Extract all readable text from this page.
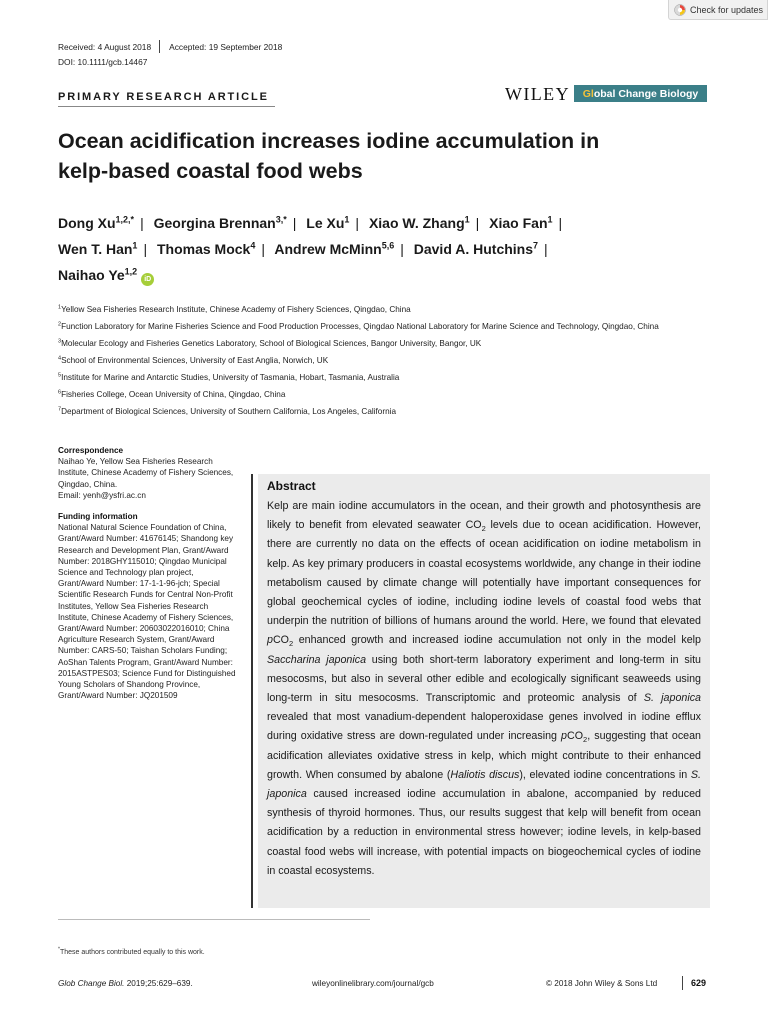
Check for updates
Received: 4 August 2018 Accepted: 19 September 2018
DOI: 10.1111/gcb.14467
PRIMARY RESEARCH ARTICLE	WILEY Gl obal Change Biology
Ocean acidification increases iodine accumulation in
kelp-based coastal food webs
Dong $Xu^{1,2,*}$ | Georgina Brennan$^{3,*}$ | Le Xu$^1$ | Xiao W. Zhang$^1$ | Xiao Fan$^1$ |
Wen T. Han$^1$ | Thomas Mock$^4$ | Andrew McMinn$^{5,6}$ | David A. Hutchins$^7$ |
Naihao Ye$^{1,2}$iD
$^1$Yellow Sea Fisheries Research Institute, Chinese Academy of Fishery Sciences, Qingdao, China
$^2$Function Laboratory for Marine Fisheries Science and Food Production Processes, Qingdao National Laboratory for Marine Science and Technology, Qingdao, China
$^3$Molecular Ecology and Fisheries Genetics Laboratory, School of Biological Sciences, Bangor University, Bangor, UK
$^4$School of Environmental Sciences, University of East Anglia, Norwich, UK
$^5$Institute for Marine and Antarctic Studies, University of Tasmania, Hobart, Tasmania, Australia
$^6$Fisheries College, Ocean University of China, Qingdao, China
$^7$Department of Biological Sciences, University of Southern California, Los Angeles, California
Correspondence
Naihao Ye, Yellow Sea Fisheries Research Institute, Chinese Academy of Fishery Sciences, Qingdao, China.
Email: yenh@ysfri.ac.cn
Funding information
National Natural Science Foundation of China, Grant/Award Number: 41676145; Shandong key Research and Development Plan, Grant/Award Number: 2018GHY115010; Qingdao Municipal Science and Technology plan project, Grant/Award Number: 17-1-1-96-jch; Special Scientific Research Funds for Central Non-Profit Institutes, Yellow Sea Fisheries Research Institute, Chinese Academy of Fishery Sciences, Grant/Award Number: 20603022016010; China Agriculture Research System, Grant/Award Number: CARS-50; Taishan Scholars Funding; AoShan Talents Program, Grant/Award Number: 2015ASTPES03; Science Fund for Distinguished Young Scholars of Shandong Province, Grant/Award Number: JQ201509
Abstract
Kelp are main iodine accumulators in the ocean, and their growth and photosynthesis are likely to benefit from elevated seawater $CO_2$ levels due to ocean acidification. However, there are currently no data on the effects of ocean acidification on iodine metabolism in kelp. As key primary producers in coastal ecosystems worldwide, any change in their iodine metabolism caused by climate change will potentially have important consequences for global geochemical cycles of iodine, including iodine levels of coastal food webs that underpin the nutrition of billions of humans around the world. Here, we found that elevated pCO$_2$ enhanced growth and increased iodine accumulation not only in the model kelp Saccharina japonica using both short-term laboratory experiment and long-term in situ mesocosms, but also in several other edible and ecologically significant seaweeds using long-term in situ mesocosms. Transcriptomic and proteomic analysis of S. japonica revealed that most vanadium-dependent haloperoxidase genes involved in iodine efflux during oxidative stress are down-regulated under increasing pCO$_2$, suggesting that ocean acidification alleviates oxidative stress in kelp, which might contribute to their enhanced growth. When consumed by abalone (Haliotis discus), elevated iodine concentrations in S. japonica caused increased iodine accumulation in abalone, accompanied by reduced synthesis of thyroid hormones. Thus, our results suggest that kelp will benefit from ocean acidification by a reduction in environmental stress however; iodine levels, in kelp-based coastal food webs will increase, with potential impacts on biogeochemical cycles of iodine in coastal ecosystems.
*These authors contributed equally to this work.
Glob Change Biol. 2019;25:629–639.	wileyonlinelibrary.com/journal/gcb	© 2018 John Wiley & Sons Ltd	629
